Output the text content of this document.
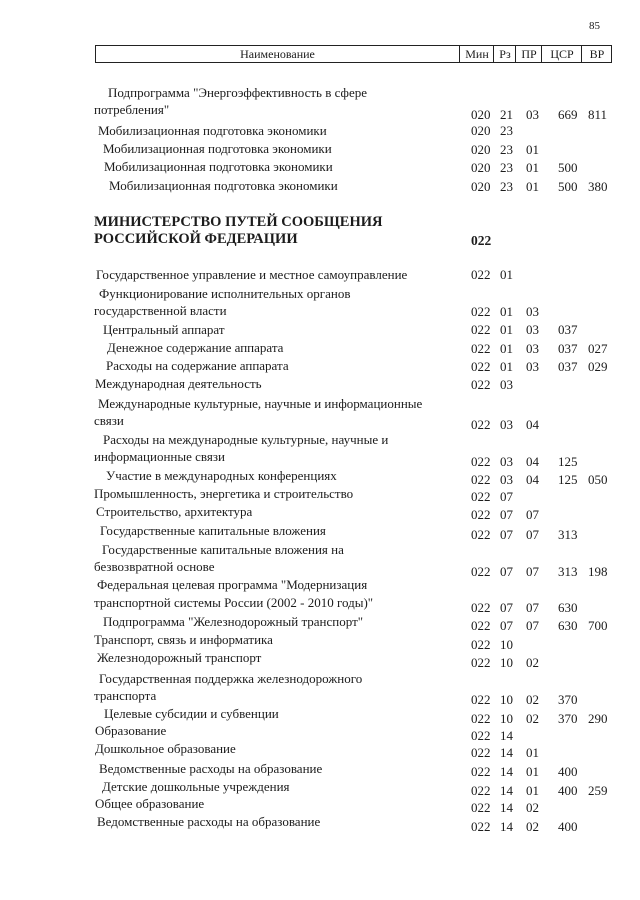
85
Наименование	Мин Рз ПР	ЦСР	ВР
Подпрограмма "Энергоэффективность в сфере
потребления"	020 21 03 669 811
Мобилизационная подготовка экономики	020 23
Мобилизационная подготовка экономики	020 23 01
Мобилизационная подготовка экономики	020 23 01 500
Мобилизационная подготовка экономики	020 23 01 500 380
МИНИСТЕРСТВО ПУТЕЙ СООБЩЕНИЯ
РОССИЙСКОЙ ФЕДЕРАЦИИ	022
Государственное управление и местное самоуправление	022 01
Функционирование исполнительных органов
государственной власти	022 01 03
Центральный аппарат	022 01 03 037
Денежное содержание аппарата	022 01 03 037 027
Расходы на содержание аппарата	022 01 03 037 029
Международная деятельность	022 03
Международные культурные, научные и информационные
связи	022 03 04
Расходы на международные культурные, научные и
информационные связи	022 03 04 125
Участие в международных конференциях	022 03 04 125 050
Промышленность, энергетика и строительство	022 07
Строительство, архитектура	022 07 07
Государственные капитальные вложения	022 07 07 313
Государственные капитальные вложения на
безвозвратной основе	022 07 07 313 198
Федеральная целевая программа "Модернизация
транспортной системы России (2002 - 2010 годы)"	022 07 07 630
Подпрограмма "Железнодорожный транспорт"	022 07 07 630 700
Транспорт, связь и информатика	022 10
Железнодорожный транспорт	022 10 02
Государственная поддержка железнодорожного
транспорта	022 10 02 370
Целевые субсидии и субвенции	022 10 02 370 290
Образование	022 14
Дошкольное образование	022 14 01
Ведомственные расходы на образование	022 14 01 400
Детские дошкольные учреждения	022 14 01 400 259
Общее образование	022 14 02
Ведомственные расходы на образование	022 14 02 400
